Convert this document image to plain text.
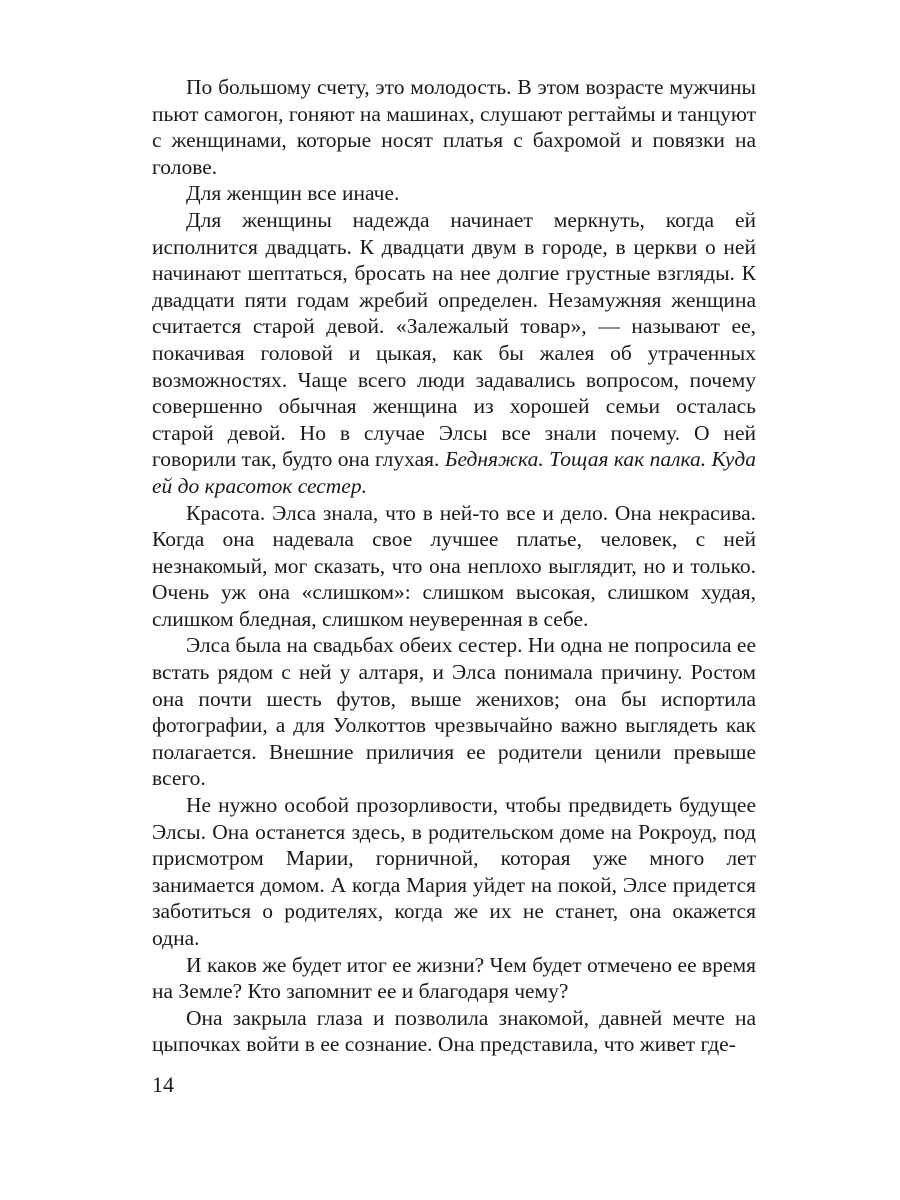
По большому счету, это молодость. В этом возрасте мужчины пьют самогон, гоняют на машинах, слушают регтаймы и танцуют с женщинами, которые носят платья с бахромой и повязки на голове.

Для женщин все иначе.

Для женщины надежда начинает меркнуть, когда ей исполнится двадцать. К двадцати двум в городе, в церкви о ней начинают шептаться, бросать на нее долгие грустные взгляды. К двадцати пяти годам жребий определен. Незамужняя женщина считается старой девой. «Залежалый товар», — называют ее, покачивая головой и цыкая, как бы жалея об утраченных возможностях. Чаще всего люди задавались вопросом, почему совершенно обычная женщина из хорошей семьи осталась старой девой. Но в случае Элсы все знали почему. О ней говорили так, будто она глухая. Бедняжка. Тощая как палка. Куда ей до красоток сестер.

Красота. Элса знала, что в ней-то все и дело. Она некрасива. Когда она надевала свое лучшее платье, человек, с ней незнакомый, мог сказать, что она неплохо выглядит, но и только. Очень уж она «слишком»: слишком высокая, слишком худая, слишком бледная, слишком неуверенная в себе.

Элса была на свадьбах обеих сестер. Ни одна не попросила ее встать рядом с ней у алтаря, и Элса понимала причину. Ростом она почти шесть футов, выше женихов; она бы испортила фотографии, а для Уолкоттов чрезвычайно важно выглядеть как полагается. Внешние приличия ее родители ценили превыше всего.

Не нужно особой прозорливости, чтобы предвидеть будущее Элсы. Она останется здесь, в родительском доме на Рокроуд, под присмотром Марии, горничной, которая уже много лет занимается домом. А когда Мария уйдет на покой, Элсе придется заботиться о родителях, когда же их не станет, она окажется одна.

И каков же будет итог ее жизни? Чем будет отмечено ее время на Земле? Кто запомнит ее и благодаря чему?

Она закрыла глаза и позволила знакомой, давней мечте на цыпочках войти в ее сознание. Она представила, что живет где-

14
